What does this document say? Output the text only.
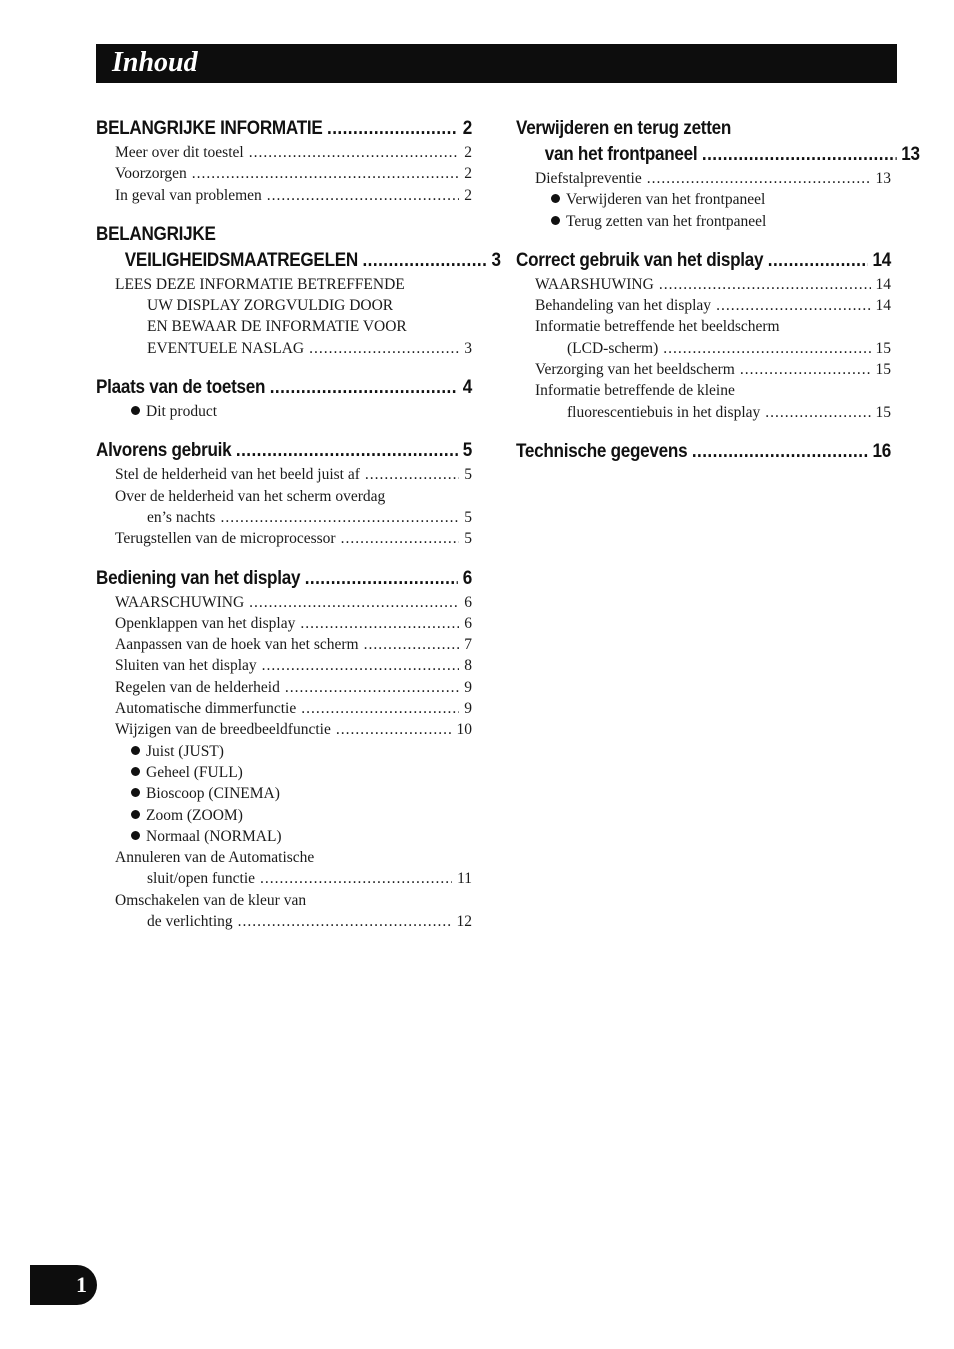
Inhoud
BELANGRIJKE INFORMATIE .....	2
Meer over dit toestel .....	2
Voorzorgen .....	2
In geval van problemen .....	2
BELANGRIJKE
VEILIGHEIDSMAATREGELEN .....	3
LEES DEZE INFORMATIE BETREFFENDE
UW DISPLAY ZORGVULDIG DOOR
EN BEWAAR DE INFORMATIE VOOR
EVENTUELE NASLAG .....	3
Plaats van de toetsen .....	4
Dit product
Alvorens gebruik .....	5
Stel de helderheid van het beeld juist af .....	5
Over de helderheid van het scherm overdag
en’s nachts .....	5
Terugstellen van de microprocessor .....	5
Bediening van het display .....	6
WAARSCHUWING .....	6
Openklappen van het display .....	6
Aanpassen van de hoek van het scherm .....	7
Sluiten van het display .....	8
Regelen van de helderheid .....	9
Automatische dimmerfunctie .....	9
Wijzigen van de breedbeeldfunctie .....	10
Juist (JUST)
Geheel (FULL)
Bioscoop (CINEMA)
Zoom (ZOOM)
Normaal (NORMAL)
Annuleren van de Automatische
sluit/open functie .....	11
Omschakelen van de kleur van
de verlichting .....	12
Verwijderen en terug zetten
van het frontpaneel .....	13
Diefstalpreventie .....	13
Verwijderen van het frontpaneel
Terug zetten van het frontpaneel
Correct gebruik van het display .....	14
WAARSHUWING .....	14
Behandeling van het display .....	14
Informatie betreffende het beeldscherm
(LCD-scherm) .....	15
Verzorging van het beeldscherm .....	15
Informatie betreffende de kleine
fluorescentiebuis in het display .....	15
Technische gegevens .....	16
1
